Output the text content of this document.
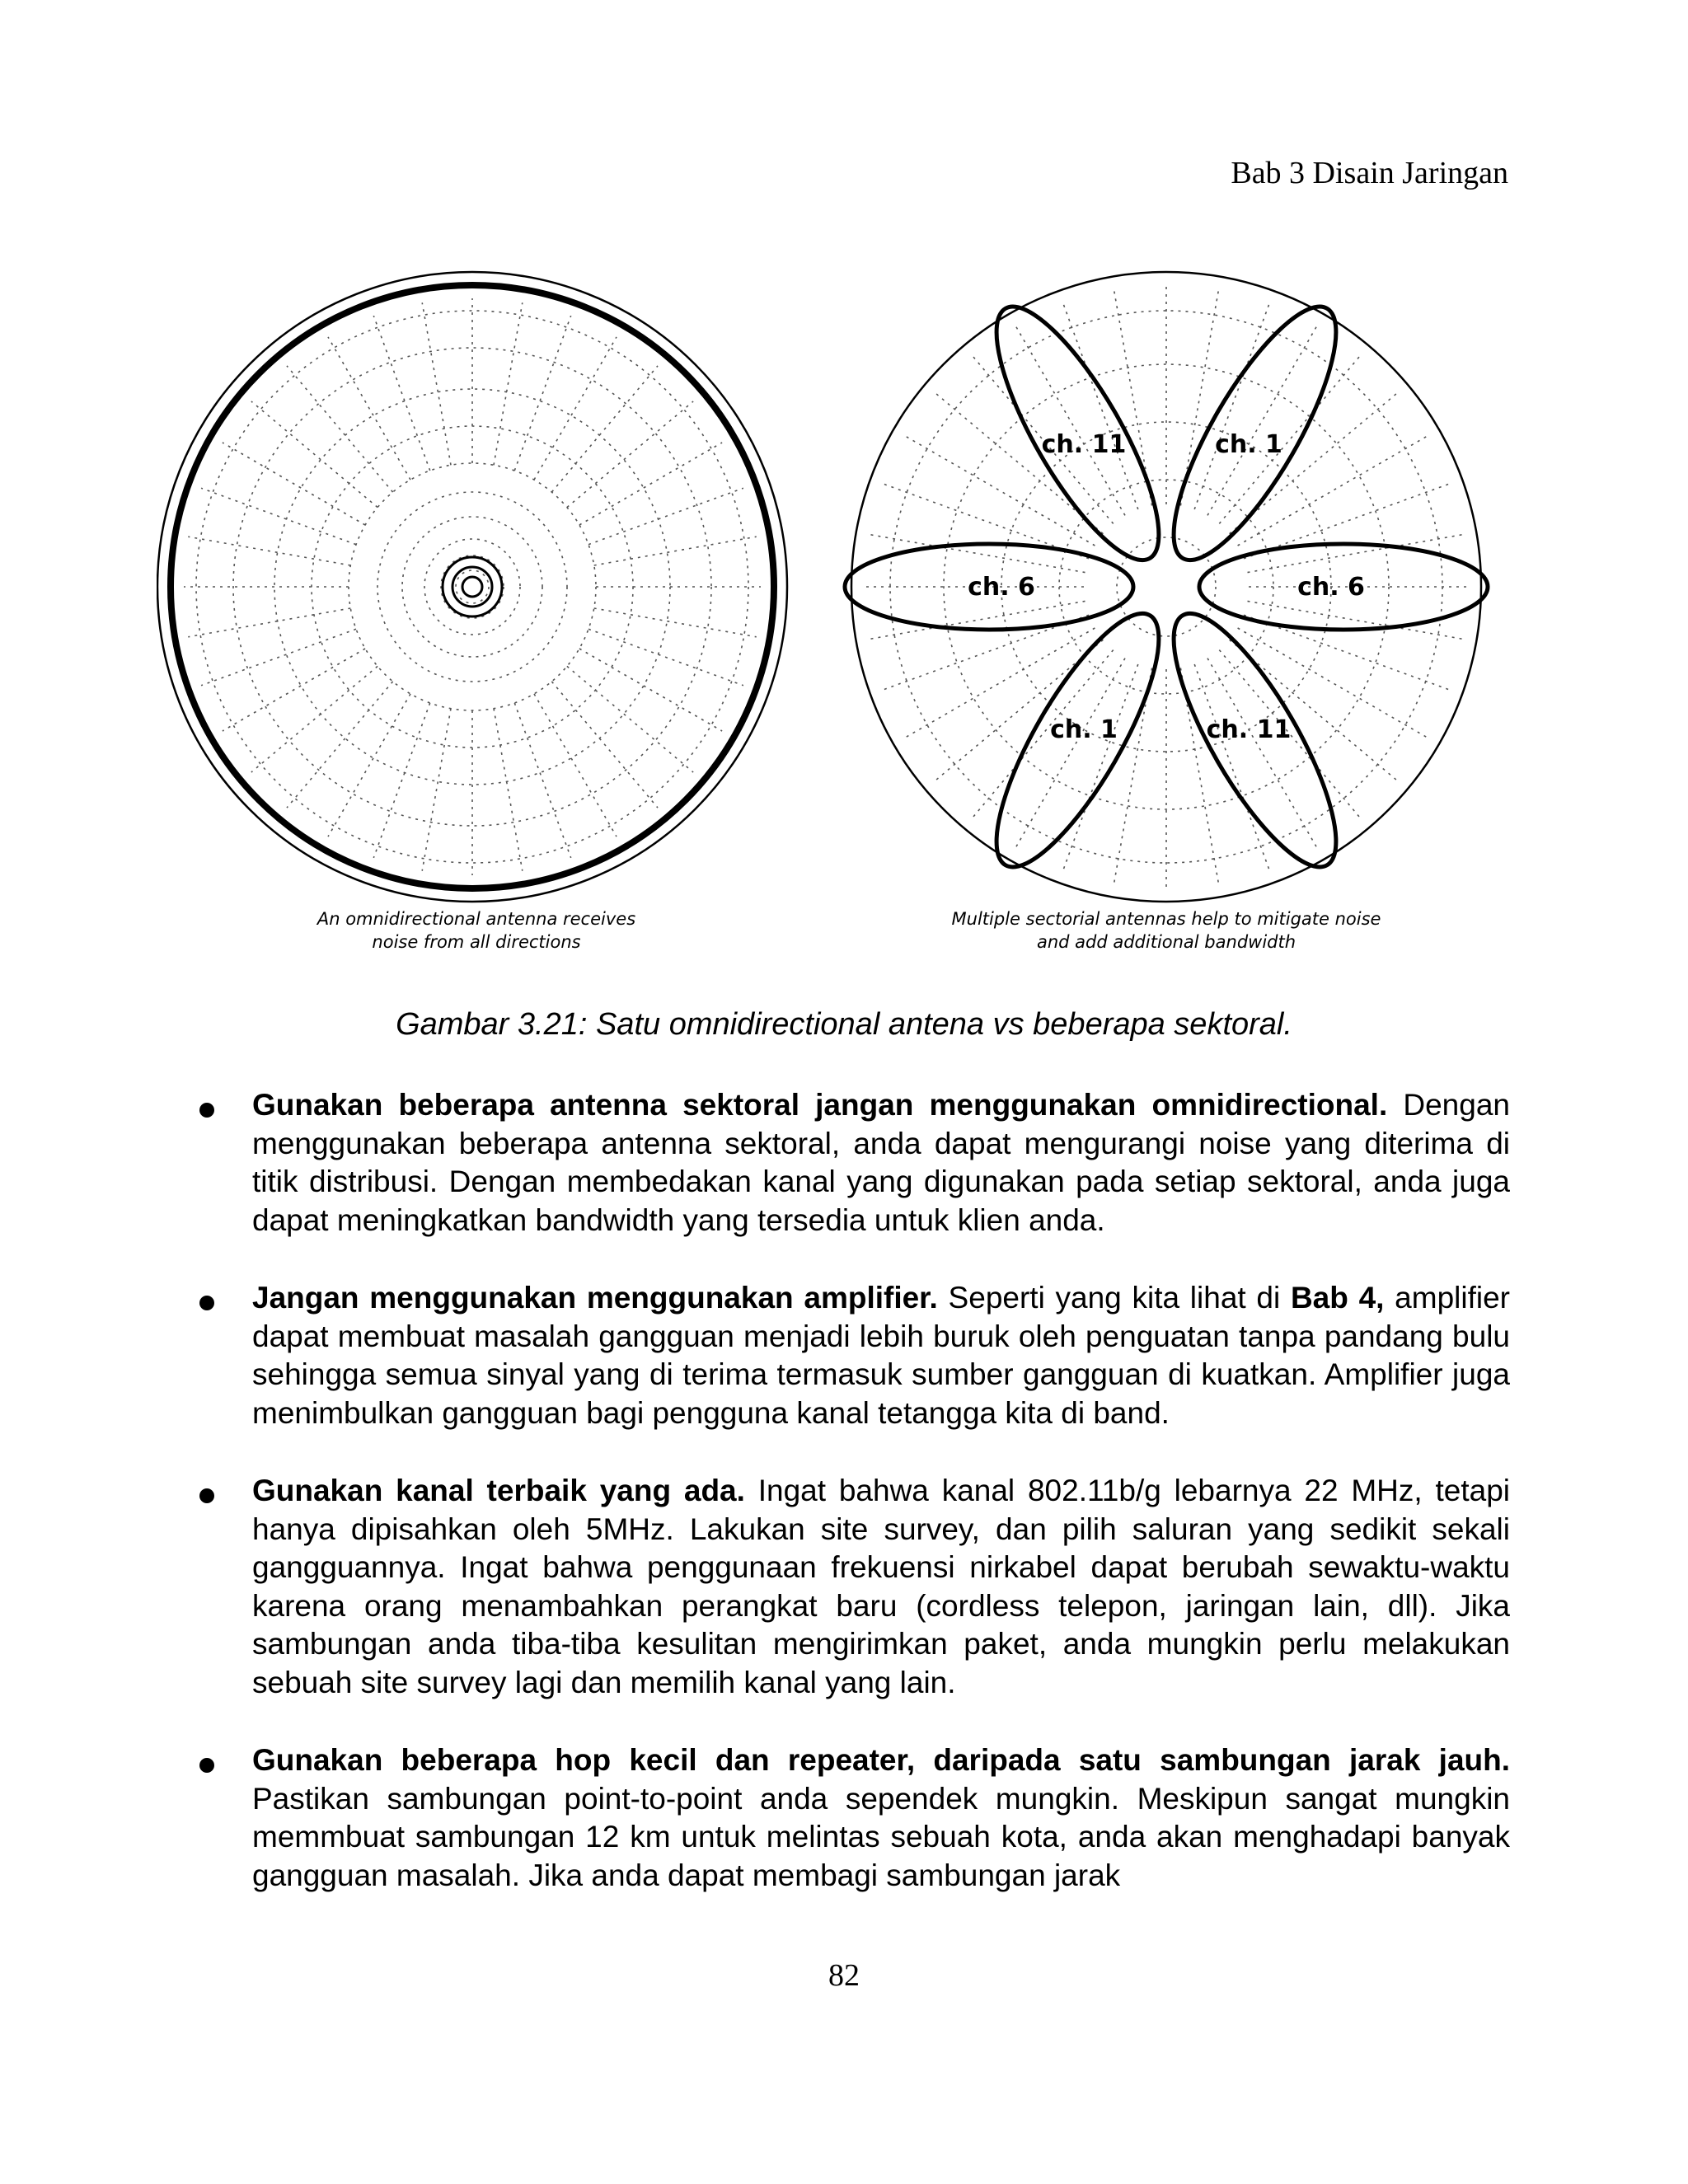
Bab 3 Disain Jaringan
ch. 1
ch. 6
ch. 11
ch. 1
ch. 6
ch. 11
An omnidirectional antenna receives
noise from all directions
Multiple sectorial antennas help to mitigate noise
and add additional bandwidth
Gambar 3.21: Satu omnidirectional antena vs beberapa sektoral.
Gunakan beberapa antenna sektoral jangan menggunakan omnidirectional. Dengan menggunakan beberapa antenna sektoral, anda dapat mengurangi noise yang diterima di titik distribusi. Dengan membedakan kanal yang digunakan pada setiap sektoral, anda juga dapat meningkatkan bandwidth yang tersedia untuk klien anda.
Jangan menggunakan menggunakan amplifier. Seperti yang kita lihat di Bab 4, amplifier dapat membuat masalah gangguan menjadi lebih buruk oleh penguatan tanpa pandang bulu sehingga semua sinyal yang di terima termasuk sumber gangguan di kuatkan. Amplifier juga menimbulkan gangguan bagi pengguna kanal tetangga kita di band.
Gunakan kanal terbaik yang ada. Ingat bahwa kanal 802.11b/g lebarnya 22 MHz, tetapi hanya dipisahkan oleh 5MHz. Lakukan site survey, dan pilih saluran yang sedikit sekali gangguannya. Ingat bahwa penggunaan frekuensi nirkabel dapat berubah sewaktu-waktu karena orang menambahkan perangkat baru (cordless telepon, jaringan lain, dll). Jika sambungan anda tiba-tiba kesulitan mengirimkan paket, anda mungkin perlu melakukan sebuah site survey lagi dan memilih kanal yang lain.
Gunakan beberapa hop kecil dan repeater, daripada satu sambungan jarak jauh. Pastikan sambungan point-to-point anda sependek mungkin. Meskipun sangat mungkin memmbuat sambungan 12 km untuk melintas sebuah kota, anda akan menghadapi banyak gangguan masalah. Jika anda dapat membagi sambungan jarak
82
